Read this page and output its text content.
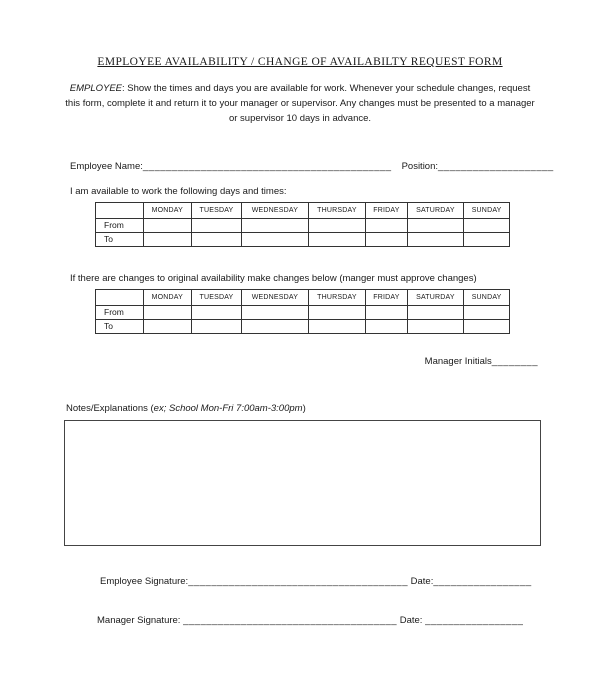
EMPLOYEE AVAILABILITY / CHANGE OF AVAILABILTY REQUEST FORM

EMPLOYEE: Show the times and days you are available for work. Whenever your schedule changes, request this form, complete it and return it to your manager or supervisor. Any changes must be presented to a manager or supervisor 10 days in advance.

Employee Name:___________________________________________ Position:____________________

I am available to work the following days and times:

	MONDAY	TUESDAY	WEDNESDAY	THURSDAY	FRIDAY	SATURDAY	SUNDAY
From							
To							

If there are changes to original availability make changes below (manger must approve changes)

	MONDAY	TUESDAY	WEDNESDAY	THURSDAY	FRIDAY	SATURDAY	SUNDAY
From							
To							
Manager Initials________

Notes/Explanations (ex; School Mon-Fri 7:00am-3:00pm)

Employee Signature:______________________________________ Date:_________________
Manager Signature: _____________________________________ Date: _________________
